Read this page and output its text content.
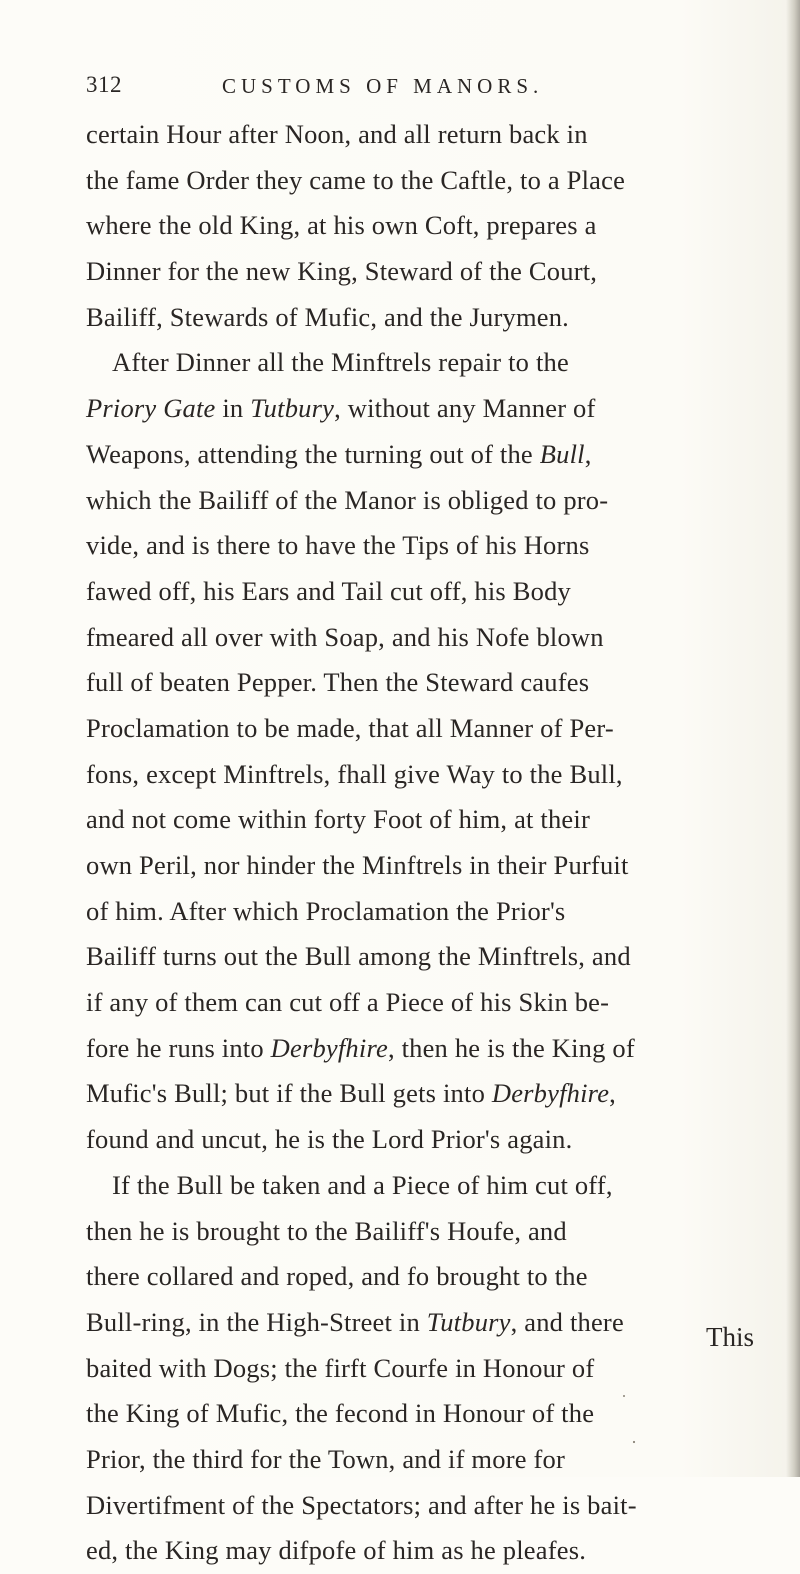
312	CUSTOMS OF MANORS.
certain Hour after Noon, and all return back in
the fame Order they came to the Caftle, to a Place
where the old King, at his own Coft, prepares a
Dinner for the new King, Steward of the Court,
Bailiff, Stewards of Mufic, and the Jurymen.
After Dinner all the Minftrels repair to the
Priory Gate in Tutbury, without any Manner of
Weapons, attending the turning out of the Bull,
which the Bailiff of the Manor is obliged to pro-
vide, and is there to have the Tips of his Horns
fawed off, his Ears and Tail cut off, his Body
fmeared all over with Soap, and his Nofe blown
full of beaten Pepper. Then the Steward caufes
Proclamation to be made, that all Manner of Per-
fons, except Minftrels, fhall give Way to the Bull,
and not come within forty Foot of him, at their
own Peril, nor hinder the Minftrels in their Purfuit
of him. After which Proclamation the Prior's
Bailiff turns out the Bull among the Minftrels, and
if any of them can cut off a Piece of his Skin be-
fore he runs into Derbyfhire, then he is the King of
Mufic's Bull; but if the Bull gets into Derbyfhire,
found and uncut, he is the Lord Prior's again.
If the Bull be taken and a Piece of him cut off,
then he is brought to the Bailiff's Houfe, and
there collared and roped, and fo brought to the
Bull-ring, in the High-Street in Tutbury, and there
baited with Dogs; the firft Courfe in Honour of
the King of Mufic, the fecond in Honour of the
Prior, the third for the Town, and if more for
Divertifment of the Spectators; and after he is bait-
ed, the King may difpofe of him as he pleafes.
This
